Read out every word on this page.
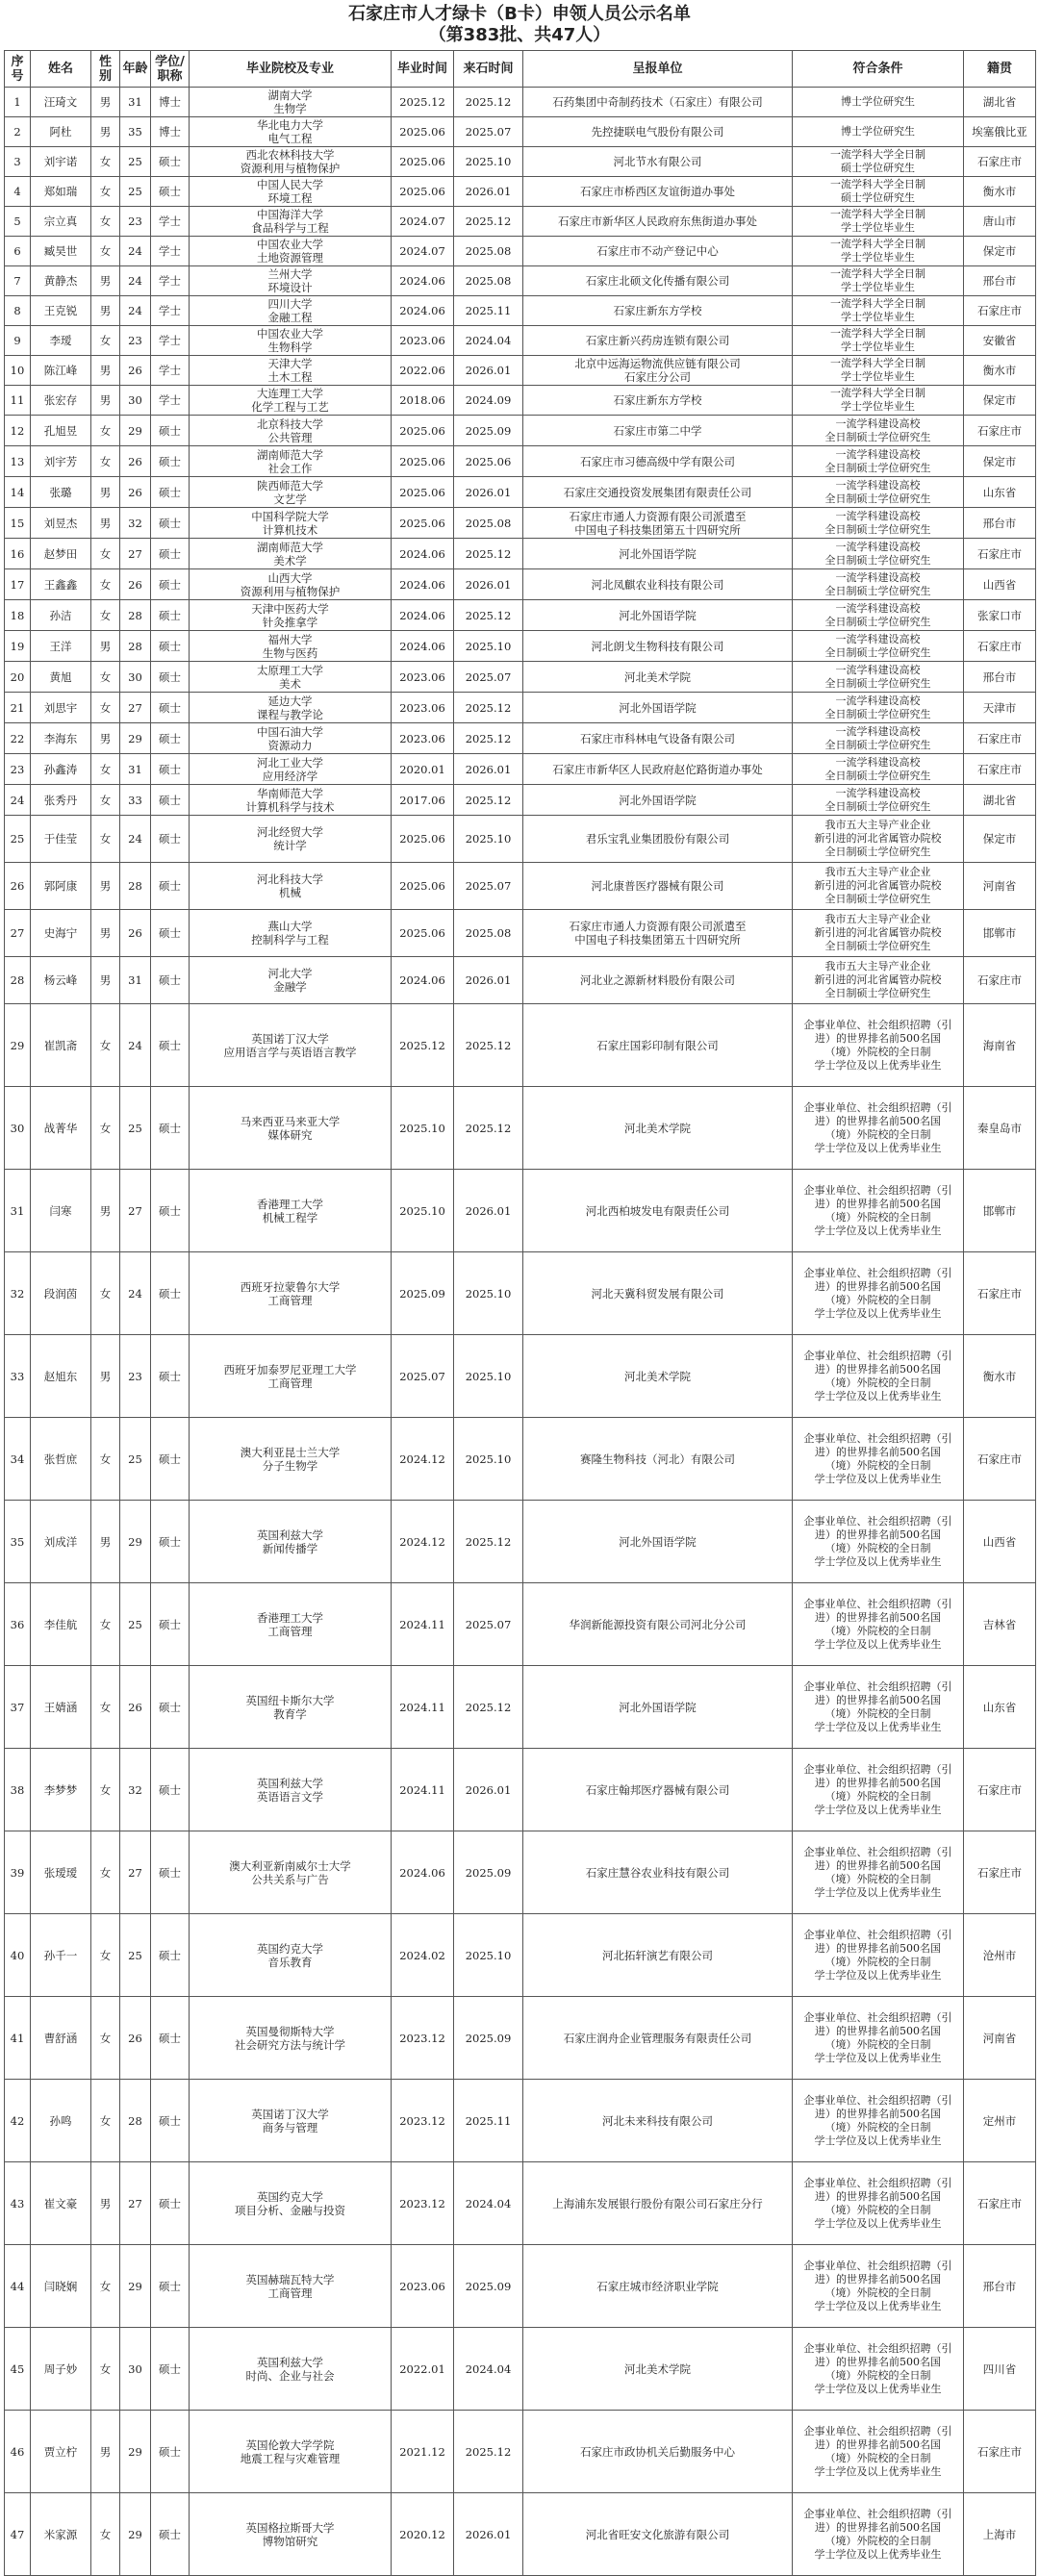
石家庄市人才绿卡（B卡）申领人员公示名单
（第383批、共47人）
序号	姓名	性别	年龄	学位/
职称	毕业院校及专业	毕业时间	来石时间	呈报单位	符合条件	籍贯
1	汪琦文	男	31	博士	湖南大学
生物学	2025.12	2025.12	石药集团中奇制药技术（石家庄）有限公司	博士学位研究生	湖北省
2	阿杜	男	35	博士	华北电力大学
电气工程	2025.06	2025.07	先控捷联电气股份有限公司	博士学位研究生	埃塞俄比亚
3	刘宇诺	女	25	硕士	西北农林科技大学
资源利用与植物保护	2025.06	2025.10	河北节水有限公司	一流学科大学全日制
硕士学位研究生	石家庄市
4	郑如瑞	女	25	硕士	中国人民大学
环境工程	2025.06	2026.01	石家庄市桥西区友谊街道办事处	一流学科大学全日制
硕士学位研究生	衡水市
5	宗立真	女	23	学士	中国海洋大学
食品科学与工程	2024.07	2025.12	石家庄市新华区人民政府东焦街道办事处	一流学科大学全日制
学士学位毕业生	唐山市
6	臧昊世	女	24	学士	中国农业大学
土地资源管理	2024.07	2025.08	石家庄市不动产登记中心	一流学科大学全日制
学士学位毕业生	保定市
7	黄静杰	男	24	学士	兰州大学
环境设计	2024.06	2025.08	石家庄北硕文化传播有限公司	一流学科大学全日制
学士学位毕业生	邢台市
8	王克锐	男	24	学士	四川大学
金融工程	2024.06	2025.11	石家庄新东方学校	一流学科大学全日制
学士学位毕业生	石家庄市
9	李瑷	女	23	学士	中国农业大学
生物科学	2023.06	2024.04	石家庄新兴药房连锁有限公司	一流学科大学全日制
学士学位毕业生	安徽省
10	陈江峰	男	26	学士	天津大学
土木工程	2022.06	2026.01	北京中远海运物流供应链有限公司
石家庄分公司	一流学科大学全日制
学士学位毕业生	衡水市
11	张宏存	男	30	学士	大连理工大学
化学工程与工艺	2018.06	2024.09	石家庄新东方学校	一流学科大学全日制
学士学位毕业生	保定市
12	孔旭昱	女	29	硕士	北京科技大学
公共管理	2025.06	2025.09	石家庄市第二中学	一流学科建设高校
全日制硕士学位研究生	石家庄市
13	刘宇芳	女	26	硕士	湖南师范大学
社会工作	2025.06	2025.06	石家庄市习德高级中学有限公司	一流学科建设高校
全日制硕士学位研究生	保定市
14	张璐	男	26	硕士	陕西师范大学
文艺学	2025.06	2026.01	石家庄交通投资发展集团有限责任公司	一流学科建设高校
全日制硕士学位研究生	山东省
15	刘昱杰	男	32	硕士	中国科学院大学
计算机技术	2025.06	2025.08	石家庄市通人力资源有限公司派遣至
中国电子科技集团第五十四研究所	一流学科建设高校
全日制硕士学位研究生	邢台市
16	赵梦田	女	27	硕士	湖南师范大学
美术学	2024.06	2025.12	河北外国语学院	一流学科建设高校
全日制硕士学位研究生	石家庄市
17	王鑫鑫	女	26	硕士	山西大学
资源利用与植物保护	2024.06	2026.01	河北凤麒农业科技有限公司	一流学科建设高校
全日制硕士学位研究生	山西省
18	孙洁	女	28	硕士	天津中医药大学
针灸推拿学	2024.06	2025.12	河北外国语学院	一流学科建设高校
全日制硕士学位研究生	张家口市
19	王洋	男	28	硕士	福州大学
生物与医药	2024.06	2025.10	河北朗戈生物科技有限公司	一流学科建设高校
全日制硕士学位研究生	石家庄市
20	黄旭	女	30	硕士	太原理工大学
美术	2023.06	2025.07	河北美术学院	一流学科建设高校
全日制硕士学位研究生	邢台市
21	刘思宇	女	27	硕士	延边大学
课程与教学论	2023.06	2025.12	河北外国语学院	一流学科建设高校
全日制硕士学位研究生	天津市
22	李海东	男	29	硕士	中国石油大学
资源动力	2023.06	2025.12	石家庄市科林电气设备有限公司	一流学科建设高校
全日制硕士学位研究生	石家庄市
23	孙鑫涛	女	31	硕士	河北工业大学
应用经济学	2020.01	2026.01	石家庄市新华区人民政府赵佗路街道办事处	一流学科建设高校
全日制硕士学位研究生	石家庄市
24	张秀丹	女	33	硕士	华南师范大学
计算机科学与技术	2017.06	2025.12	河北外国语学院	一流学科建设高校
全日制硕士学位研究生	湖北省
25	于佳莹	女	24	硕士	河北经贸大学
统计学	2025.06	2025.10	君乐宝乳业集团股份有限公司	我市五大主导产业企业
新引进的河北省属管办院校
全日制硕士学位研究生	保定市
26	郭阿康	男	28	硕士	河北科技大学
机械	2025.06	2025.07	河北康普医疗器械有限公司	我市五大主导产业企业
新引进的河北省属管办院校
全日制硕士学位研究生	河南省
27	史海宁	男	26	硕士	燕山大学
控制科学与工程	2025.06	2025.08	石家庄市通人力资源有限公司派遣至
中国电子科技集团第五十四研究所	我市五大主导产业企业
新引进的河北省属管办院校
全日制硕士学位研究生	邯郸市
28	杨云峰	男	31	硕士	河北大学
金融学	2024.06	2026.01	河北业之源新材料股份有限公司	我市五大主导产业企业
新引进的河北省属管办院校
全日制硕士学位研究生	石家庄市
29	崔凯斋	女	24	硕士	英国诺丁汉大学
应用语言学与英语语言教学	2025.12	2025.12	石家庄国彩印制有限公司	企事业单位、社会组织招聘（引
进）的世界排名前500名国
（境）外院校的全日制
学士学位及以上优秀毕业生	海南省
30	战菁华	女	25	硕士	马来西亚马来亚大学
媒体研究	2025.10	2025.12	河北美术学院	企事业单位、社会组织招聘（引
进）的世界排名前500名国
（境）外院校的全日制
学士学位及以上优秀毕业生	秦皇岛市
31	闫寒	男	27	硕士	香港理工大学
机械工程学	2025.10	2026.01	河北西柏坡发电有限责任公司	企事业单位、社会组织招聘（引
进）的世界排名前500名国
（境）外院校的全日制
学士学位及以上优秀毕业生	邯郸市
32	段润茵	女	24	硕士	西班牙拉蒙鲁尔大学
工商管理	2025.09	2025.10	河北天冀科贸发展有限公司	企事业单位、社会组织招聘（引
进）的世界排名前500名国
（境）外院校的全日制
学士学位及以上优秀毕业生	石家庄市
33	赵旭东	男	23	硕士	西班牙加泰罗尼亚理工大学
工商管理	2025.07	2025.10	河北美术学院	企事业单位、社会组织招聘（引
进）的世界排名前500名国
（境）外院校的全日制
学士学位及以上优秀毕业生	衡水市
34	张哲庶	女	25	硕士	澳大利亚昆士兰大学
分子生物学	2024.12	2025.10	赛隆生物科技（河北）有限公司	企事业单位、社会组织招聘（引
进）的世界排名前500名国
（境）外院校的全日制
学士学位及以上优秀毕业生	石家庄市
35	刘成洋	男	29	硕士	英国利兹大学
新闻传播学	2024.12	2025.12	河北外国语学院	企事业单位、社会组织招聘（引
进）的世界排名前500名国
（境）外院校的全日制
学士学位及以上优秀毕业生	山西省
36	李佳航	女	25	硕士	香港理工大学
工商管理	2024.11	2025.07	华润新能源投资有限公司河北分公司	企事业单位、社会组织招聘（引
进）的世界排名前500名国
（境）外院校的全日制
学士学位及以上优秀毕业生	吉林省
37	王婧涵	女	26	硕士	英国纽卡斯尔大学
教育学	2024.11	2025.12	河北外国语学院	企事业单位、社会组织招聘（引
进）的世界排名前500名国
（境）外院校的全日制
学士学位及以上优秀毕业生	山东省
38	李梦梦	女	32	硕士	英国利兹大学
英语语言文学	2024.11	2026.01	石家庄翰邦医疗器械有限公司	企事业单位、社会组织招聘（引
进）的世界排名前500名国
（境）外院校的全日制
学士学位及以上优秀毕业生	石家庄市
39	张瑷瑷	女	27	硕士	澳大利亚新南威尔士大学
公共关系与广告	2024.06	2025.09	石家庄慧谷农业科技有限公司	企事业单位、社会组织招聘（引
进）的世界排名前500名国
（境）外院校的全日制
学士学位及以上优秀毕业生	石家庄市
40	孙千一	女	25	硕士	英国约克大学
音乐教育	2024.02	2025.10	河北拓轩演艺有限公司	企事业单位、社会组织招聘（引
进）的世界排名前500名国
（境）外院校的全日制
学士学位及以上优秀毕业生	沧州市
41	曹舒涵	女	26	硕士	英国曼彻斯特大学
社会研究方法与统计学	2023.12	2025.09	石家庄润舟企业管理服务有限责任公司	企事业单位、社会组织招聘（引
进）的世界排名前500名国
（境）外院校的全日制
学士学位及以上优秀毕业生	河南省
42	孙鸣	女	28	硕士	英国诺丁汉大学
商务与管理	2023.12	2025.11	河北未来科技有限公司	企事业单位、社会组织招聘（引
进）的世界排名前500名国
（境）外院校的全日制
学士学位及以上优秀毕业生	定州市
43	崔文豪	男	27	硕士	英国约克大学
项目分析、金融与投资	2023.12	2024.04	上海浦东发展银行股份有限公司石家庄分行	企事业单位、社会组织招聘（引
进）的世界排名前500名国
（境）外院校的全日制
学士学位及以上优秀毕业生	石家庄市
44	闫晓娴	女	29	硕士	英国赫瑞瓦特大学
工商管理	2023.06	2025.09	石家庄城市经济职业学院	企事业单位、社会组织招聘（引
进）的世界排名前500名国
（境）外院校的全日制
学士学位及以上优秀毕业生	邢台市
45	周子妙	女	30	硕士	英国利兹大学
时尚、企业与社会	2022.01	2024.04	河北美术学院	企事业单位、社会组织招聘（引
进）的世界排名前500名国
（境）外院校的全日制
学士学位及以上优秀毕业生	四川省
46	贾立柠	男	29	硕士	英国伦敦大学学院
地震工程与灾难管理	2021.12	2025.12	石家庄市政协机关后勤服务中心	企事业单位、社会组织招聘（引
进）的世界排名前500名国
（境）外院校的全日制
学士学位及以上优秀毕业生	石家庄市
47	米家源	女	29	硕士	英国格拉斯哥大学
博物馆研究	2020.12	2026.01	河北省旺安文化旅游有限公司	企事业单位、社会组织招聘（引
进）的世界排名前500名国
（境）外院校的全日制
学士学位及以上优秀毕业生	上海市
